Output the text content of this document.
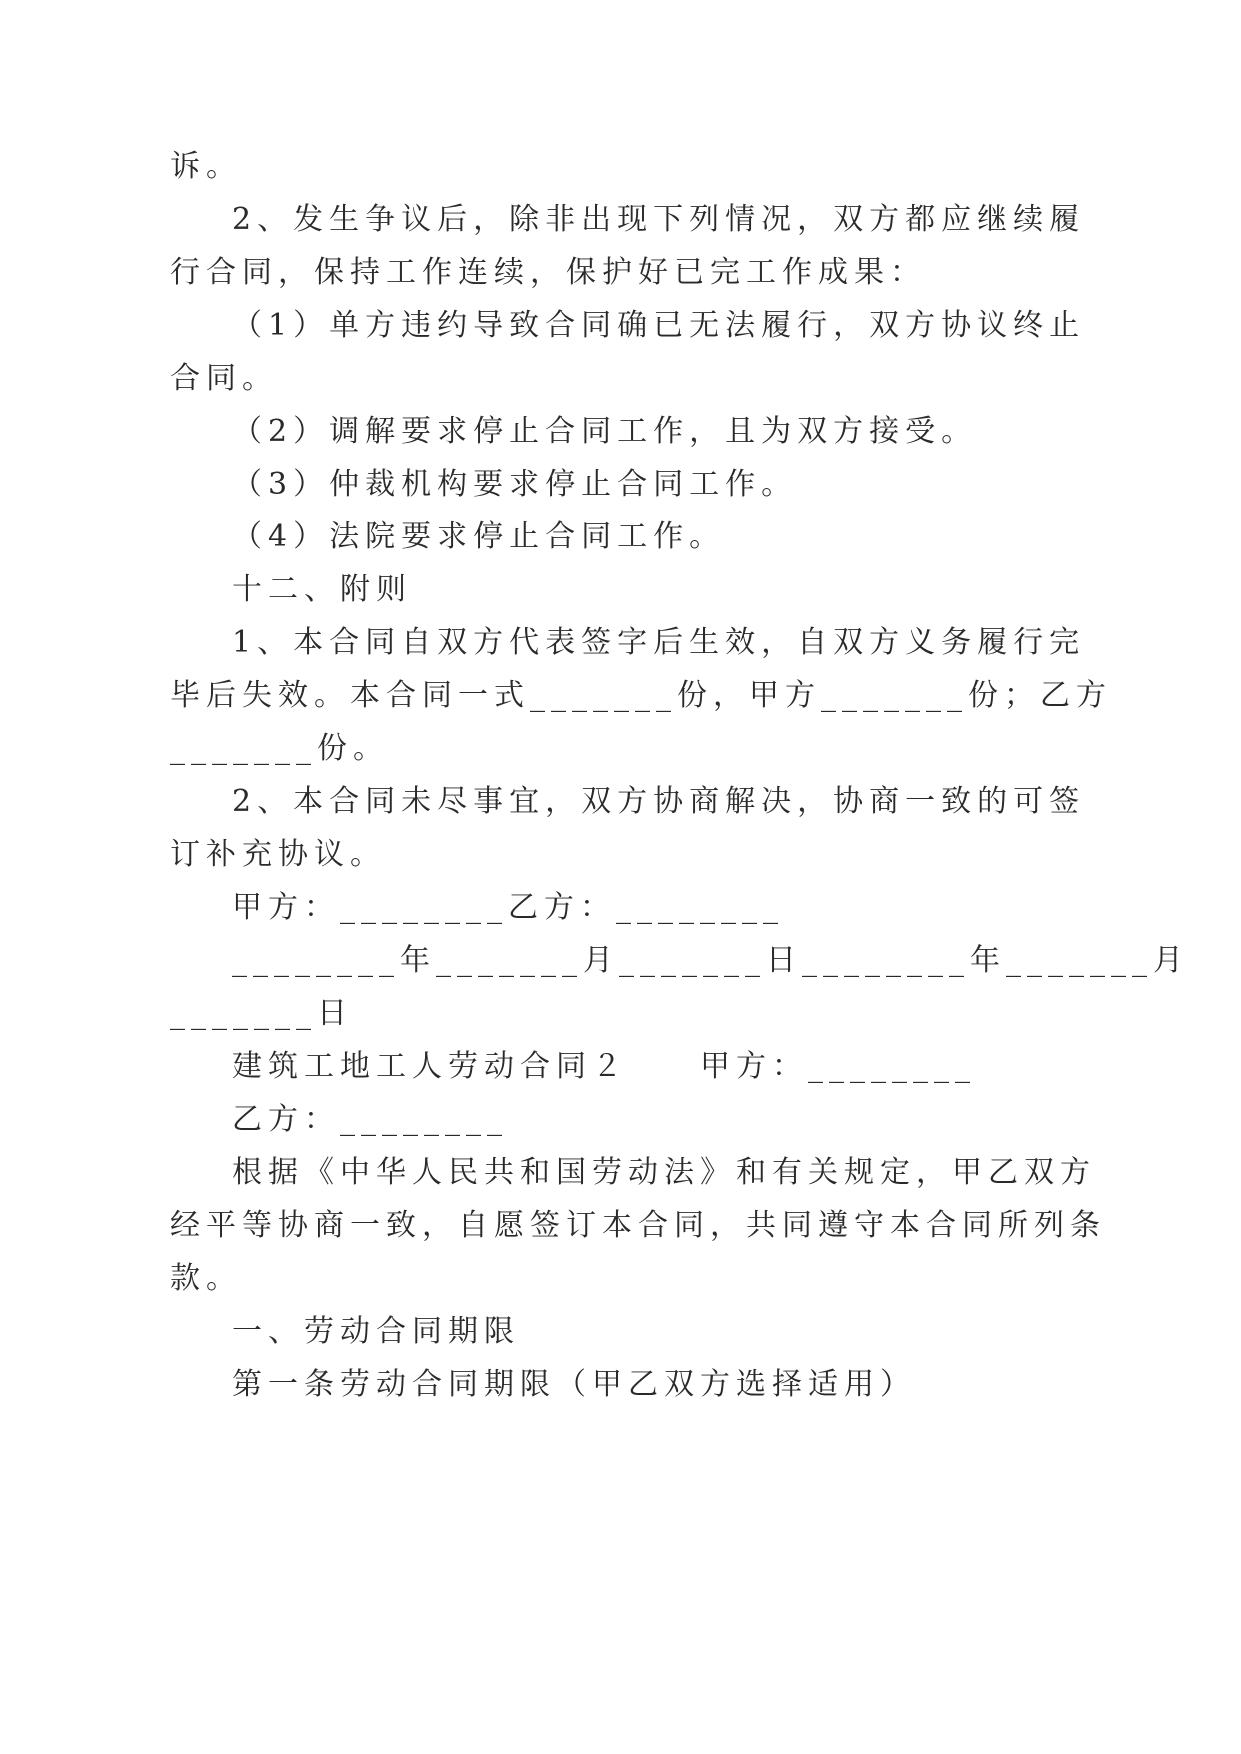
诉。
2、发生争议后，除非出现下列情况，双方都应继续履
行合同，保持工作连续，保护好已完工作成果：
（1）单方违约导致合同确已无法履行，双方协议终止
合同。
（2）调解要求停止合同工作，且为双方接受。
（3）仲裁机构要求停止合同工作。
（4）法院要求停止合同工作。
十二、附则
1、本合同自双方代表签字后生效，自双方义务履行完
毕后失效。本合同一式_______份，甲方_______份；乙方
_______份。
2、本合同未尽事宜，双方协商解决，协商一致的可签
订补充协议。
甲方：________乙方：________
________年_______月_______日________年_______月
_______日
建筑工地工人劳动合同２　　甲方：________
乙方：________
根据《中华人民共和国劳动法》和有关规定，甲乙双方
经平等协商一致，自愿签订本合同，共同遵守本合同所列条
款。
一、劳动合同期限
第一条劳动合同期限（甲乙双方选择适用）
